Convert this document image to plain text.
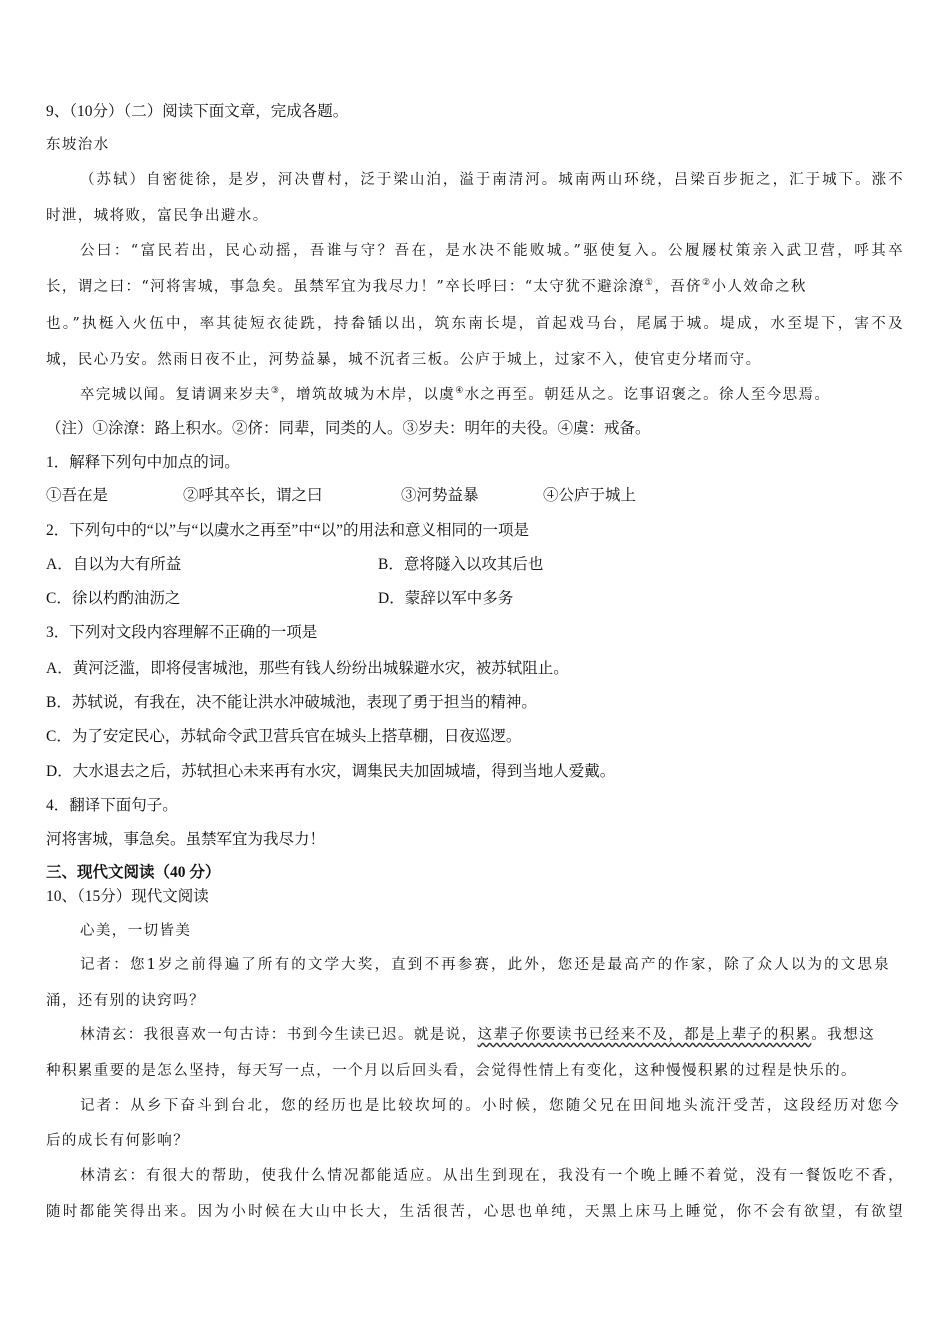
9、（10分）（二）阅读下面文章，完成各题。
东坡治水
（苏轼）自密徙徐，是岁，河决曹村，泛于梁山泊，溢于南清河。城南两山环绕，吕梁百步扼之，汇于城下。涨不
时泄，城将败，富民争出避水。
公曰：“富民若出，民心动摇，吾谁与守？吾在，是水决不能败城。”驱使复入。公履屦杖策亲入武卫营，呼其卒
长，谓之曰：“河将害城，事急矣。虽禁军宜为我尽力！”卒长呼曰：“太守犹不避涂潦①，吾侪②小人效命之秋
也。”执梃入火伍中，率其徒短衣徒跣，持畚锸以出，筑东南长堤，首起戏马台，尾属于城。堤成，水至堤下，害不及
城，民心乃安。然雨日夜不止，河势益暴，城不沉者三板。公庐于城上，过家不入，使官吏分堵而守。
卒完城以闻。复请调来岁夫③，增筑故城为木岸，以虞④水之再至。朝廷从之。讫事诏褒之。徐人至今思焉。
（注）①涂潦：路上积水。②侪：同辈，同类的人。③岁夫：明年的夫役。④虞：戒备。
1．解释下列句中加点的词。
①吾在是	②呼其卒长，谓之曰	③河势益暴	④公庐于城上
2．下列句中的“以”与“以虞水之再至”中“以”的用法和意义相同的一项是
A．自以为大有所益	B．意将隧入以攻其后也
C．徐以杓酌油沥之	D．蒙辞以军中多务
3．下列对文段内容理解不正确的一项是
A．黄河泛滥，即将侵害城池，那些有钱人纷纷出城躲避水灾，被苏轼阻止。
B．苏轼说，有我在，决不能让洪水冲破城池，表现了勇于担当的精神。
C．为了安定民心，苏轼命令武卫营兵官在城头上搭草棚，日夜巡逻。
D．大水退去之后，苏轼担心未来再有水灾，调集民夫加固城墙，得到当地人爱戴。
4．翻译下面句子。
河将害城，事急矣。虽禁军宜为我尽力！
三、现代文阅读（40 分）
10、（15分）现代文阅读
心美，一切皆美
记者：您1岁之前得遍了所有的文学大奖，直到不再参赛，此外，您还是最高产的作家，除了众人以为的文思泉
涌，还有别的诀窍吗？
林清玄：我很喜欢一句古诗：书到今生读已迟。就是说，这辈子你要读书已经来不及，都是上辈子的积累。我想这
种积累重要的是怎么坚持，每天写一点，一个月以后回头看，会觉得性情上有变化，这种慢慢积累的过程是快乐的。
记者：从乡下奋斗到台北，您的经历也是比较坎坷的。小时候，您随父兄在田间地头流汗受苦，这段经历对您今
后的成长有何影响？
林清玄：有很大的帮助，使我什么情况都能适应。从出生到现在，我没有一个晚上睡不着觉，没有一餐饭吃不香，
随时都能笑得出来。因为小时候在大山中长大，生活很苦，心思也单纯，天黑上床马上睡觉，你不会有欲望，有欲望
